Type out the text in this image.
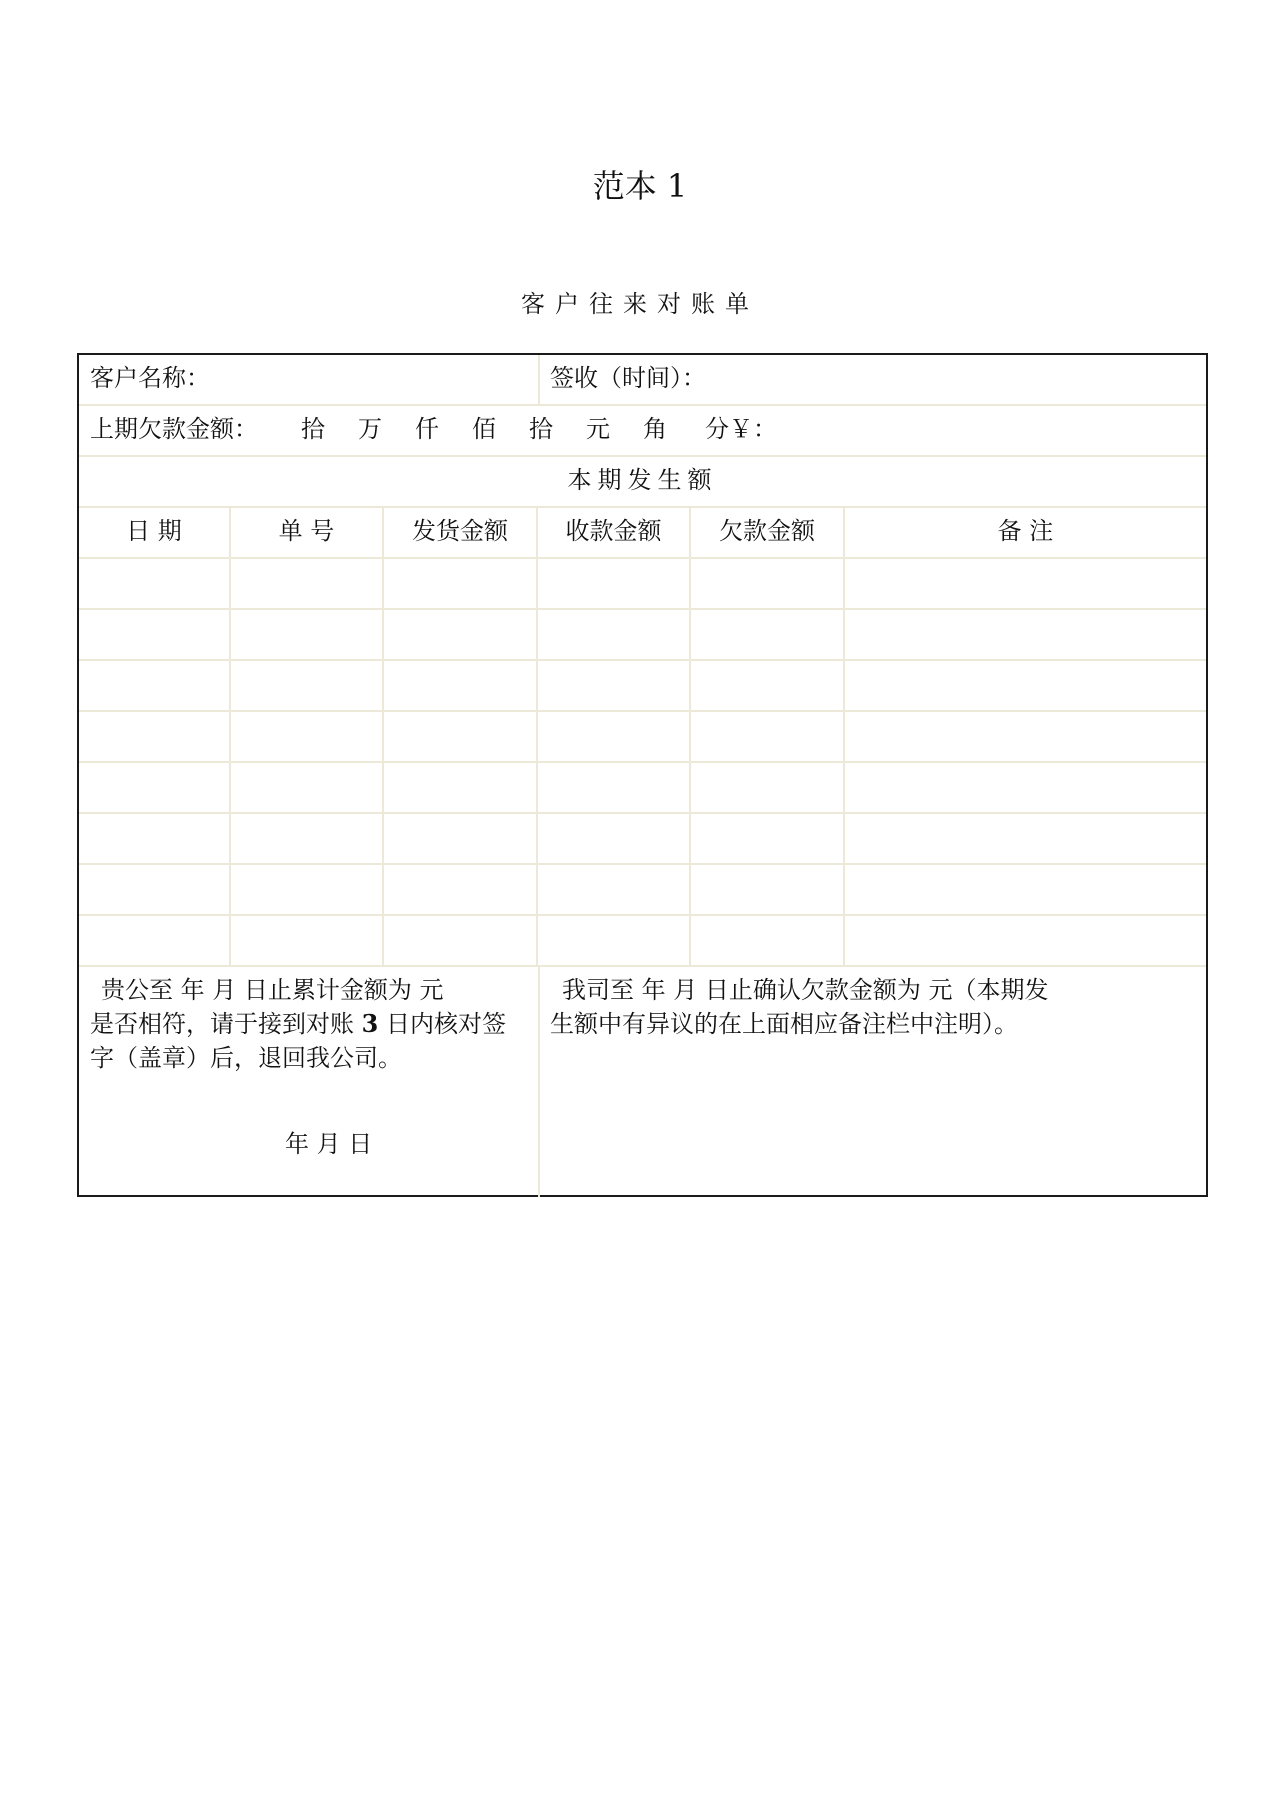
范本 1
客户往来对账单
客户名称：	签收（时间）：
上期欠款金额： 拾 万 仟 佰 拾 元 角 分￥：
本期发生额
日 期	单 号	发货金额	收款金额	欠款金额	备 注
贵公至 年 月 日止累计金额为 元
是否相符，请于接到对账 3 日内核对签
字（盖章）后，退回我公司。
年 月 日
我司至 年 月 日止确认欠款金额为 元（本期发
生额中有异议的在上面相应备注栏中注明）。
